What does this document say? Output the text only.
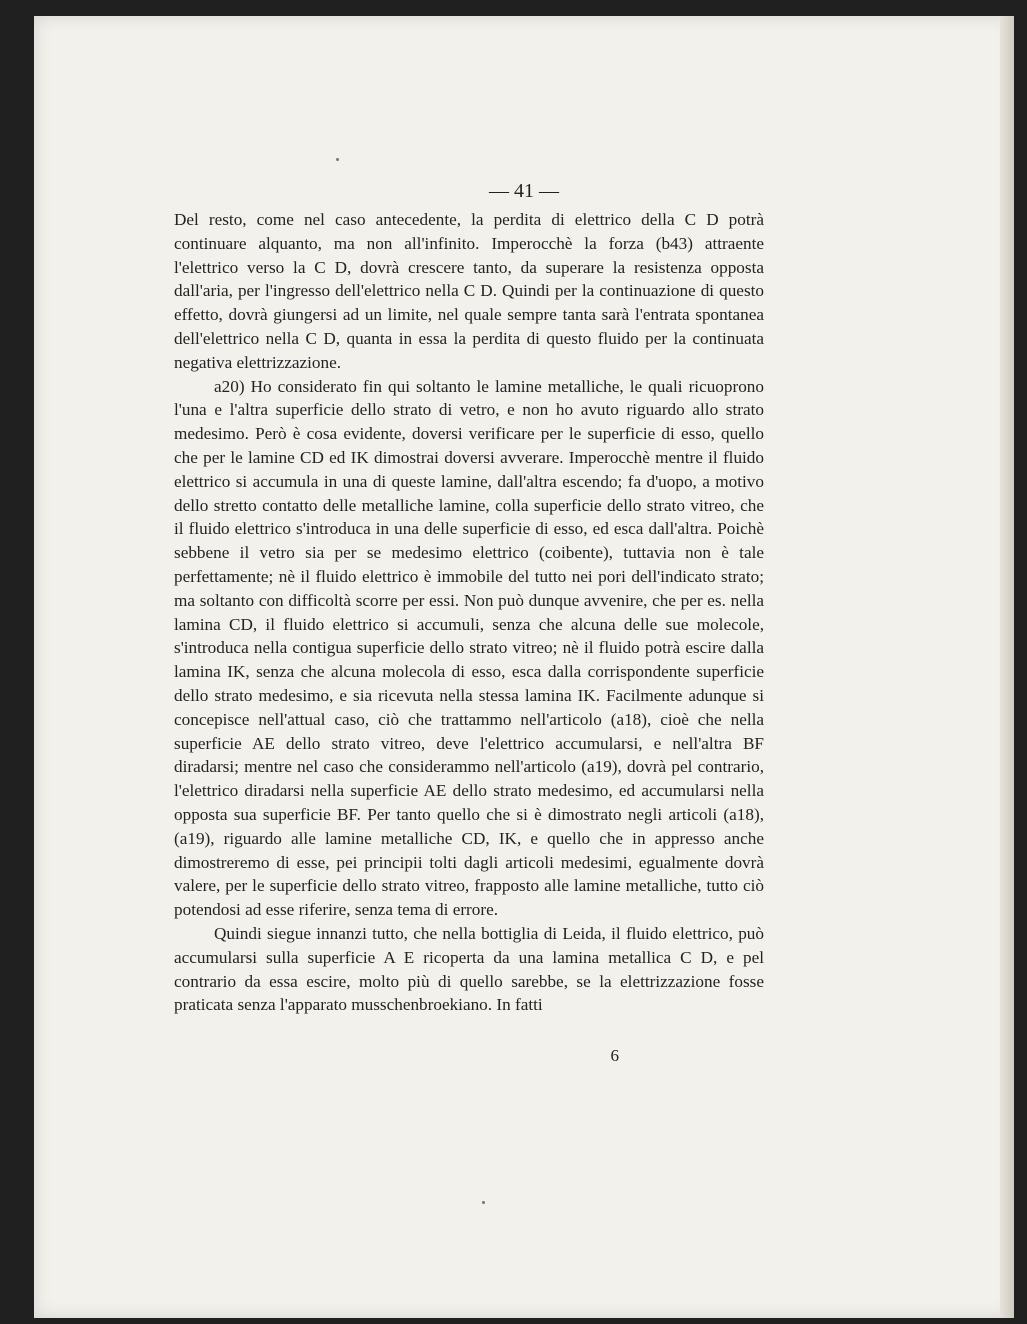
— 41 —

Del resto, come nel caso antecedente, la perdita di elettrico della C D potrà continuare alquanto, ma non all'infinito. Imperocchè la forza (b43) attraente l'elettrico verso la C D, dovrà crescere tanto, da superare la resistenza opposta dall'aria, per l'ingresso dell'elettrico nella C D. Quindi per la continuazione di questo effetto, dovrà giungersi ad un limite, nel quale sempre tanta sarà l'entrata spontanea dell'elettrico nella C D, quanta in essa la perdita di questo fluido per la continuata negativa elettrizzazione.

a20) Ho considerato fin qui soltanto le lamine metalliche, le quali ricuoprono l'una e l'altra superficie dello strato di vetro, e non ho avuto riguardo allo strato medesimo. Però è cosa evidente, doversi verificare per le superficie di esso, quello che per le lamine CD ed IK dimostrai doversi avverare. Imperocchè mentre il fluido elettrico si accumula in una di queste lamine, dall'altra escendo; fa d'uopo, a motivo dello stretto contatto delle metalliche lamine, colla superficie dello strato vitreo, che il fluido elettrico s'introduca in una delle superficie di esso, ed esca dall'altra. Poichè sebbene il vetro sia per se medesimo elettrico (coibente), tuttavia non è tale perfettamente; nè il fluido elettrico è immobile del tutto nei pori dell'indicato strato; ma soltanto con difficoltà scorre per essi. Non può dunque avvenire, che per es. nella lamina CD, il fluido elettrico si accumuli, senza che alcuna delle sue molecole, s'introduca nella contigua superficie dello strato vitreo; nè il fluido potrà escire dalla lamina IK, senza che alcuna molecola di esso, esca dalla corrispondente superficie dello strato medesimo, e sia ricevuta nella stessa lamina IK. Facilmente adunque si concepisce nell'attual caso, ciò che trattammo nell'articolo (a18), cioè che nella superficie AE dello strato vitreo, deve l'elettrico accumularsi, e nell'altra BF diradarsi; mentre nel caso che considerammo nell'articolo (a19), dovrà pel contrario, l'elettrico diradarsi nella superficie AE dello strato medesimo, ed accumularsi nella opposta sua superficie BF. Per tanto quello che si è dimostrato negli articoli (a18), (a19), riguardo alle lamine metalliche CD, IK, e quello che in appresso anche dimostreremo di esse, pei principii tolti dagli articoli medesimi, egualmente dovrà valere, per le superficie dello strato vitreo, frapposto alle lamine metalliche, tutto ciò potendosi ad esse riferire, senza tema di errore.

Quindi siegue innanzi tutto, che nella bottiglia di Leida, il fluido elettrico, può accumularsi sulla superficie A E ricoperta da una lamina metallica C D, e pel contrario da essa escire, molto più di quello sarebbe, se la elettrizzazione fosse praticata senza l'apparato musschenbroekiano. In fatti

6
